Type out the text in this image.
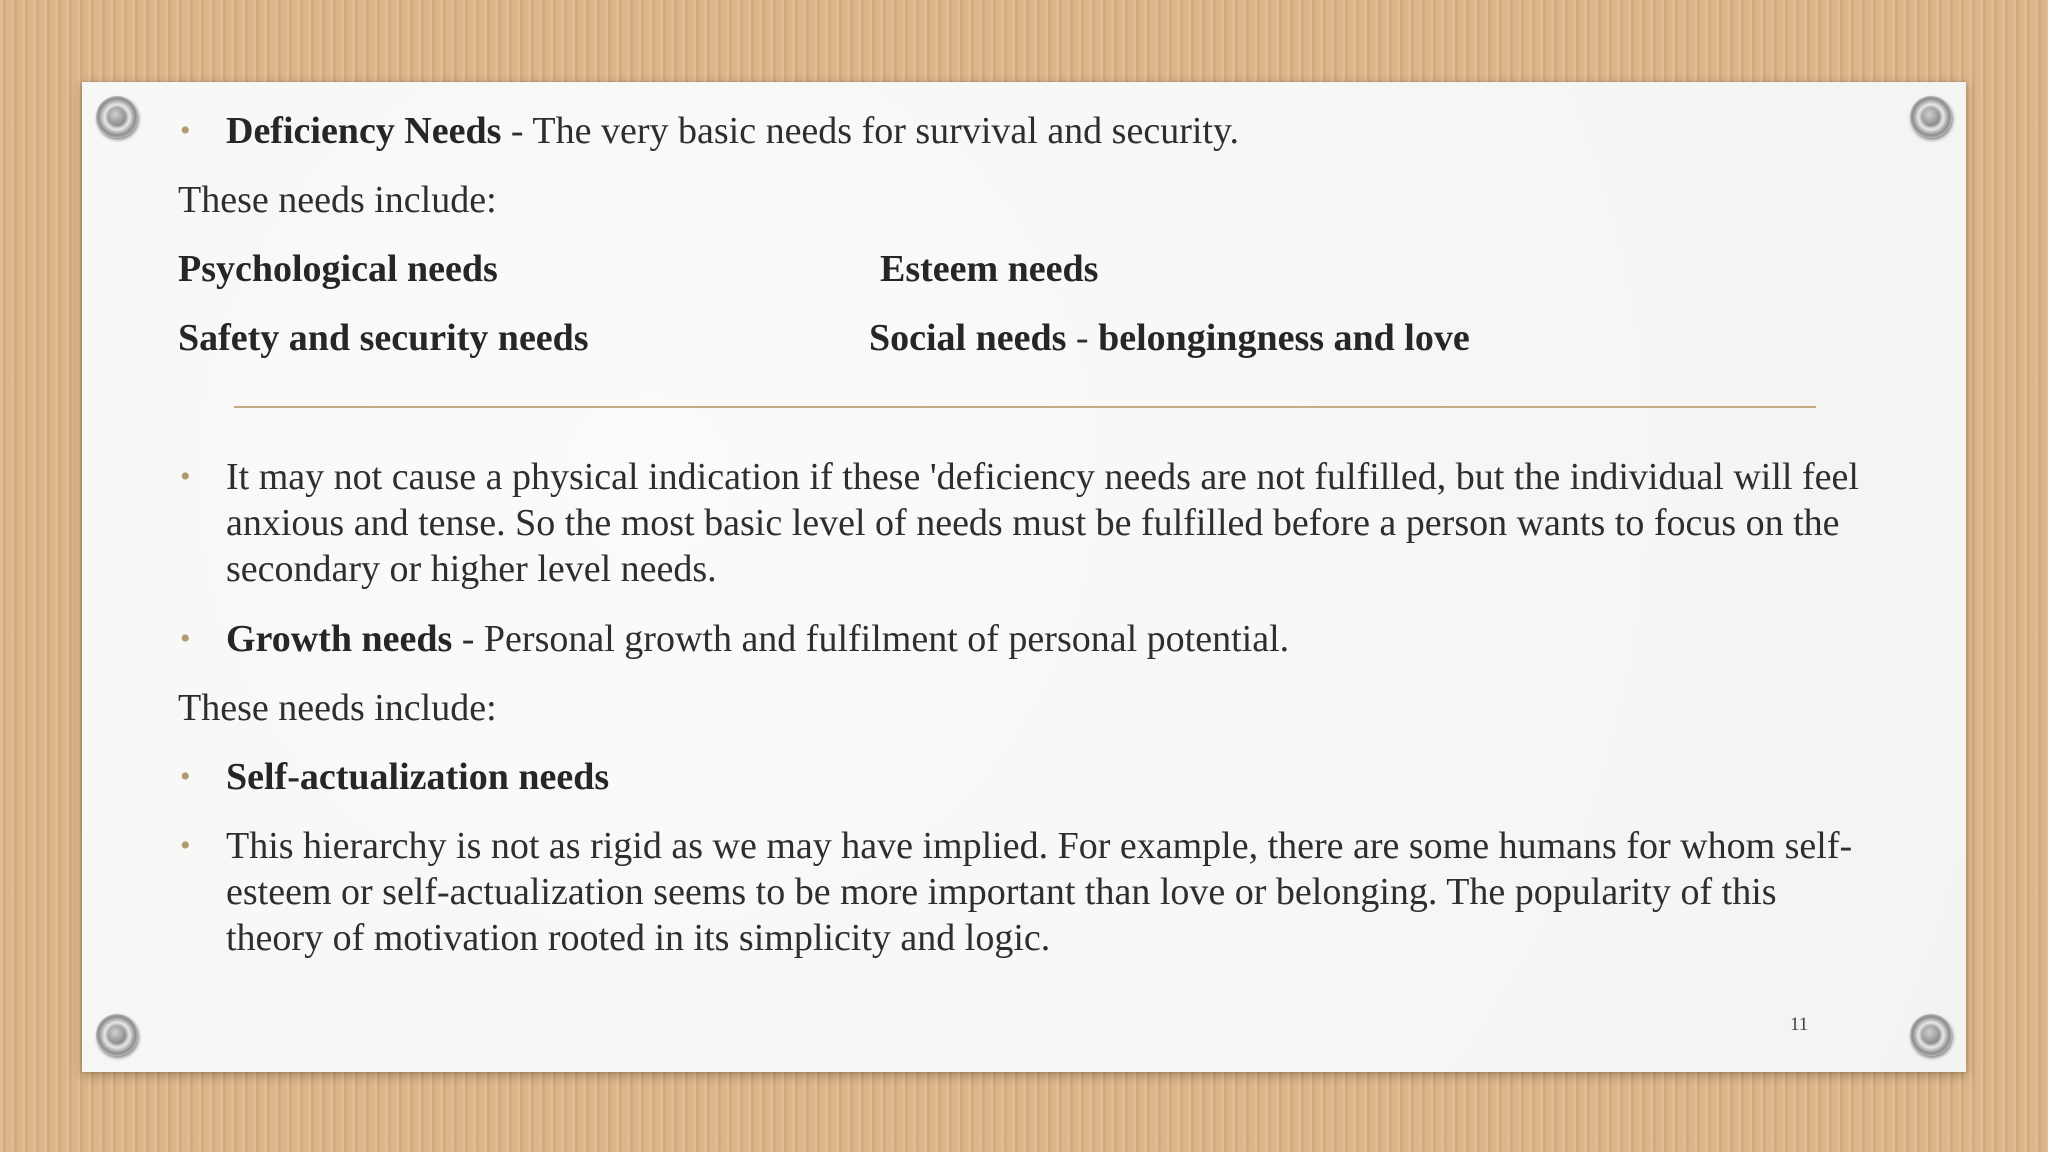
• Deficiency Needs - The very basic needs for survival and security.
These needs include:
Psychological needs	Esteem needs
Safety and security needs	Social needs - belongingness and love
• It may not cause a physical indication if these 'deficiency needs are not fulfilled, but the individual will feel anxious and tense. So the most basic level of needs must be fulfilled before a person wants to focus on the secondary or higher level needs.
• Growth needs - Personal growth and fulfilment of personal potential.
These needs include:
• Self-actualization needs
• This hierarchy is not as rigid as we may have implied. For example, there are some humans for whom self-esteem or self-actualization seems to be more important than love or belonging. The popularity of this theory of motivation rooted in its simplicity and logic.
11
